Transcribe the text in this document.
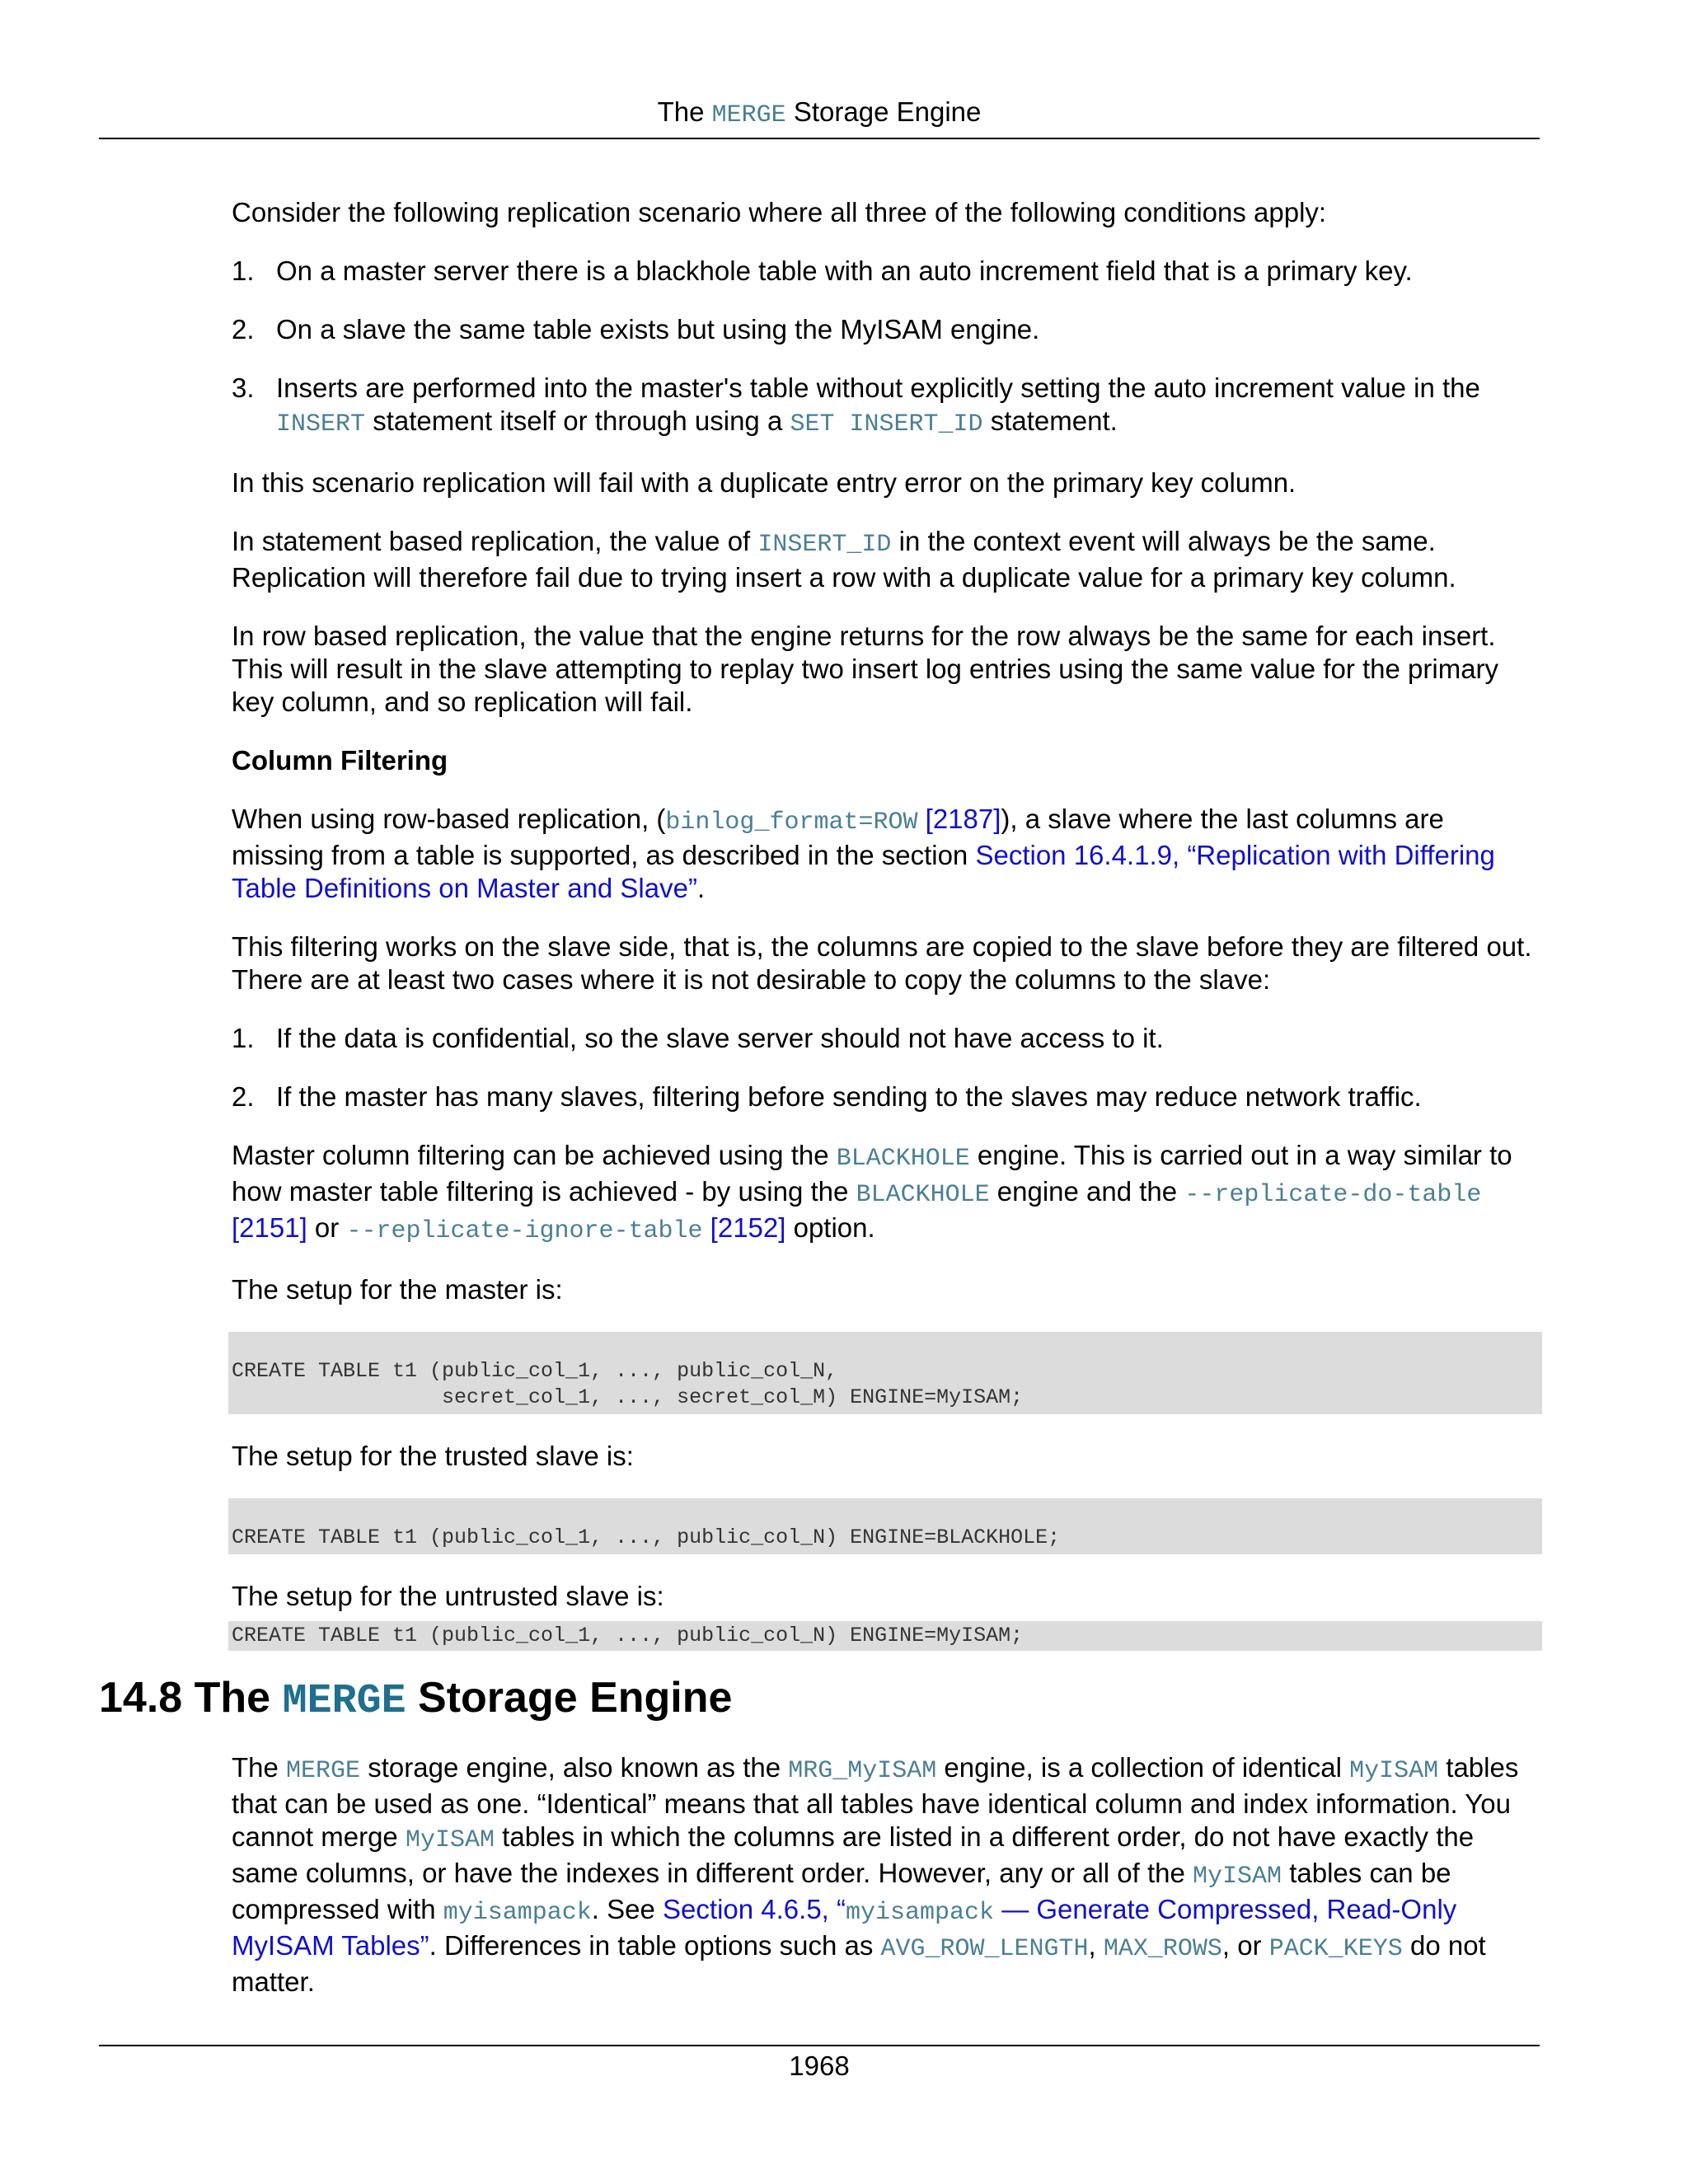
The MERGE Storage Engine

Consider the following replication scenario where all three of the following conditions apply:

1. On a master server there is a blackhole table with an auto increment field that is a primary key.
2. On a slave the same table exists but using the MyISAM engine.
3. Inserts are performed into the master's table without explicitly setting the auto increment value in the INSERT statement itself or through using a SET INSERT_ID statement.

In this scenario replication will fail with a duplicate entry error on the primary key column.

In statement based replication, the value of INSERT_ID in the context event will always be the same. Replication will therefore fail due to trying insert a row with a duplicate value for a primary key column.

In row based replication, the value that the engine returns for the row always be the same for each insert. This will result in the slave attempting to replay two insert log entries using the same value for the primary key column, and so replication will fail.

Column Filtering

When using row-based replication, (binlog_format=ROW [2187]), a slave where the last columns are missing from a table is supported, as described in the section Section 16.4.1.9, “Replication with Differing Table Definitions on Master and Slave”.

This filtering works on the slave side, that is, the columns are copied to the slave before they are filtered out. There are at least two cases where it is not desirable to copy the columns to the slave:

1. If the data is confidential, so the slave server should not have access to it.
2. If the master has many slaves, filtering before sending to the slaves may reduce network traffic.

Master column filtering can be achieved using the BLACKHOLE engine. This is carried out in a way similar to how master table filtering is achieved - by using the BLACKHOLE engine and the --replicate-do-table [2151] or --replicate-ignore-table [2152] option.

The setup for the master is:

CREATE TABLE t1 (public_col_1, ..., public_col_N,
secret_col_1, ..., secret_col_M) ENGINE=MyISAM;

The setup for the trusted slave is:

CREATE TABLE t1 (public_col_1, ..., public_col_N) ENGINE=BLACKHOLE;

The setup for the untrusted slave is:

CREATE TABLE t1 (public_col_1, ..., public_col_N) ENGINE=MyISAM;
14.8 The MERGE Storage Engine

The MERGE storage engine, also known as the MRG_MyISAM engine, is a collection of identical MyISAM tables that can be used as one. “Identical” means that all tables have identical column and index information. You cannot merge MyISAM tables in which the columns are listed in a different order, do not have exactly the same columns, or have the indexes in different order. However, any or all of the MyISAM tables can be compressed with myisampack. See Section 4.6.5, “myisampack — Generate Compressed, Read-Only MyISAM Tables”. Differences in table options such as AVG_ROW_LENGTH, MAX_ROWS, or PACK_KEYS do not matter.

1968
